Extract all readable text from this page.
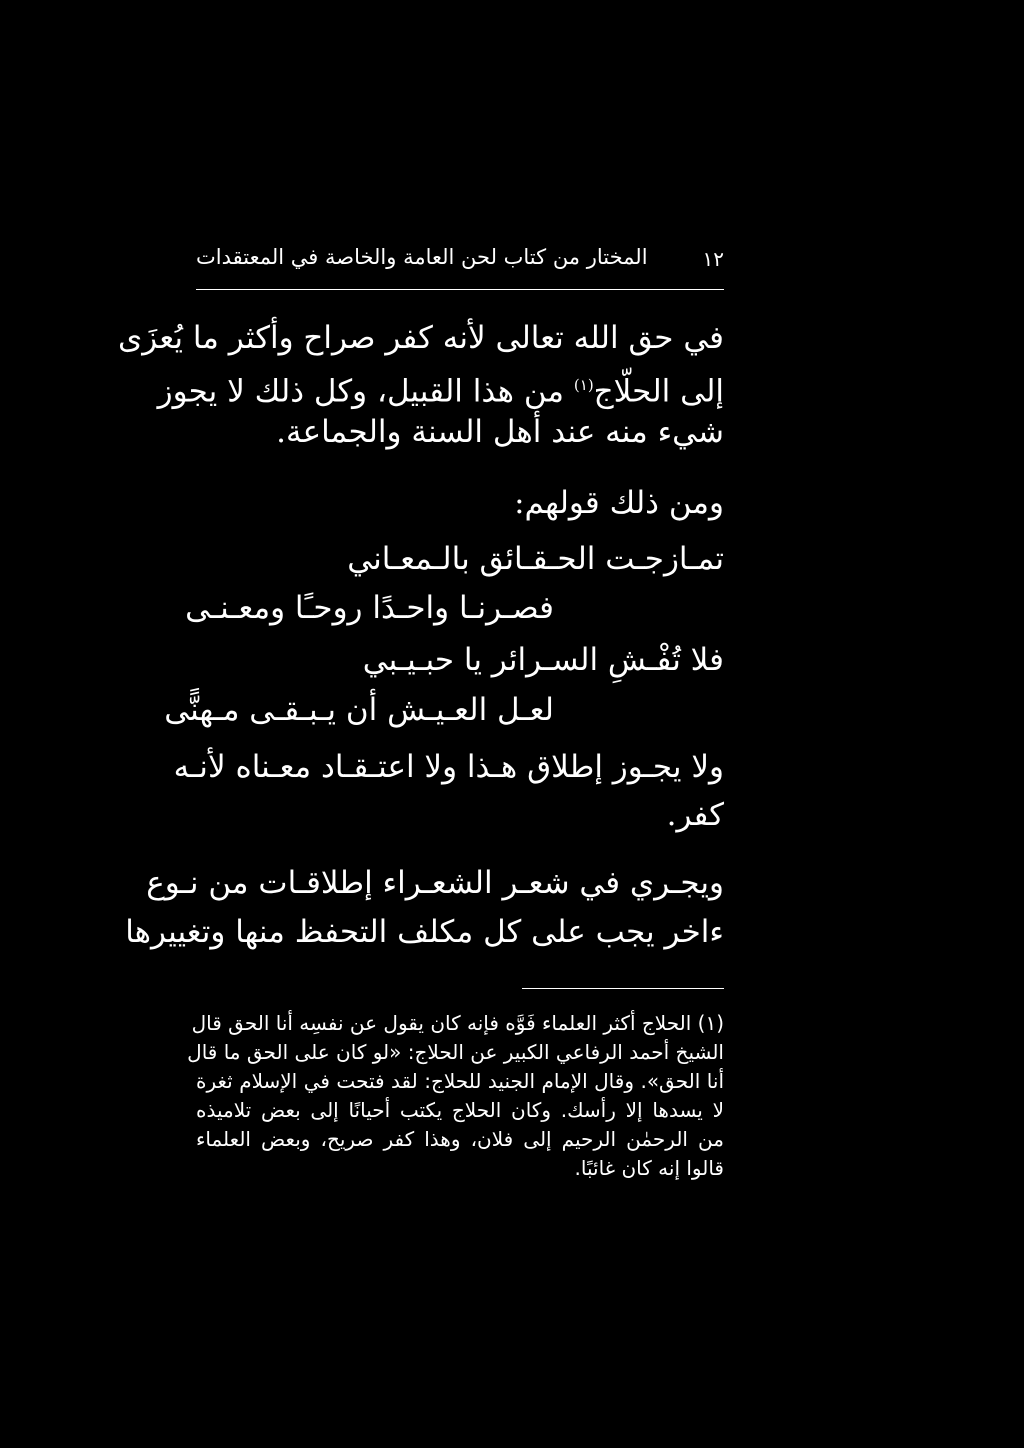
١٢
المختار من كتاب لحن العامة والخاصة في المعتقدات
في حق الله تعالى لأنه كفر صراح وأكثر ما يُعزَى
إلى الحلّاج$^{(١)}$ من هذا القبيل، وكل ذلك لا يجوز
شيء منه عند أهل السنة والجماعة.
ومن ذلك قولهم:
تمـازجـت الحـقـائق بالـمعـاني
فصـرنـا واحـدًا روحـًا ومعـنـى
فلا تُفْـشِ السـرائر يا حبـيـبي
لعـل العـيـش أن يـبـقـى مـهنًّى
ولا يجـوز إطلاق هـذا ولا اعتـقـاد معـناه لأنـه
كفر.
ويجـري في شعـر الشعـراء إطلاقـات من نـوع
ءاخر يجب على كل مكلف التحفظ منها وتغييرها
(١) الحلاج أكثر العلماء فَوَّه فإنه كان يقول عن نفسِه أنا الحق قال
الشيخ أحمد الرفاعي الكبير عن الحلاج: «لو كان على الحق ما قال
أنا الحق». وقال الإمام الجنيد للحلاج: لقد فتحت في الإسلام ثغرة
لا يسدها إلا رأسك. وكان الحلاج يكتب أحيانًا إلى بعض تلاميذه
من الرحمٰن الرحيم إلى فلان، وهذا كفر صريح، وبعض العلماء
قالوا إنه كان غائبًا.
